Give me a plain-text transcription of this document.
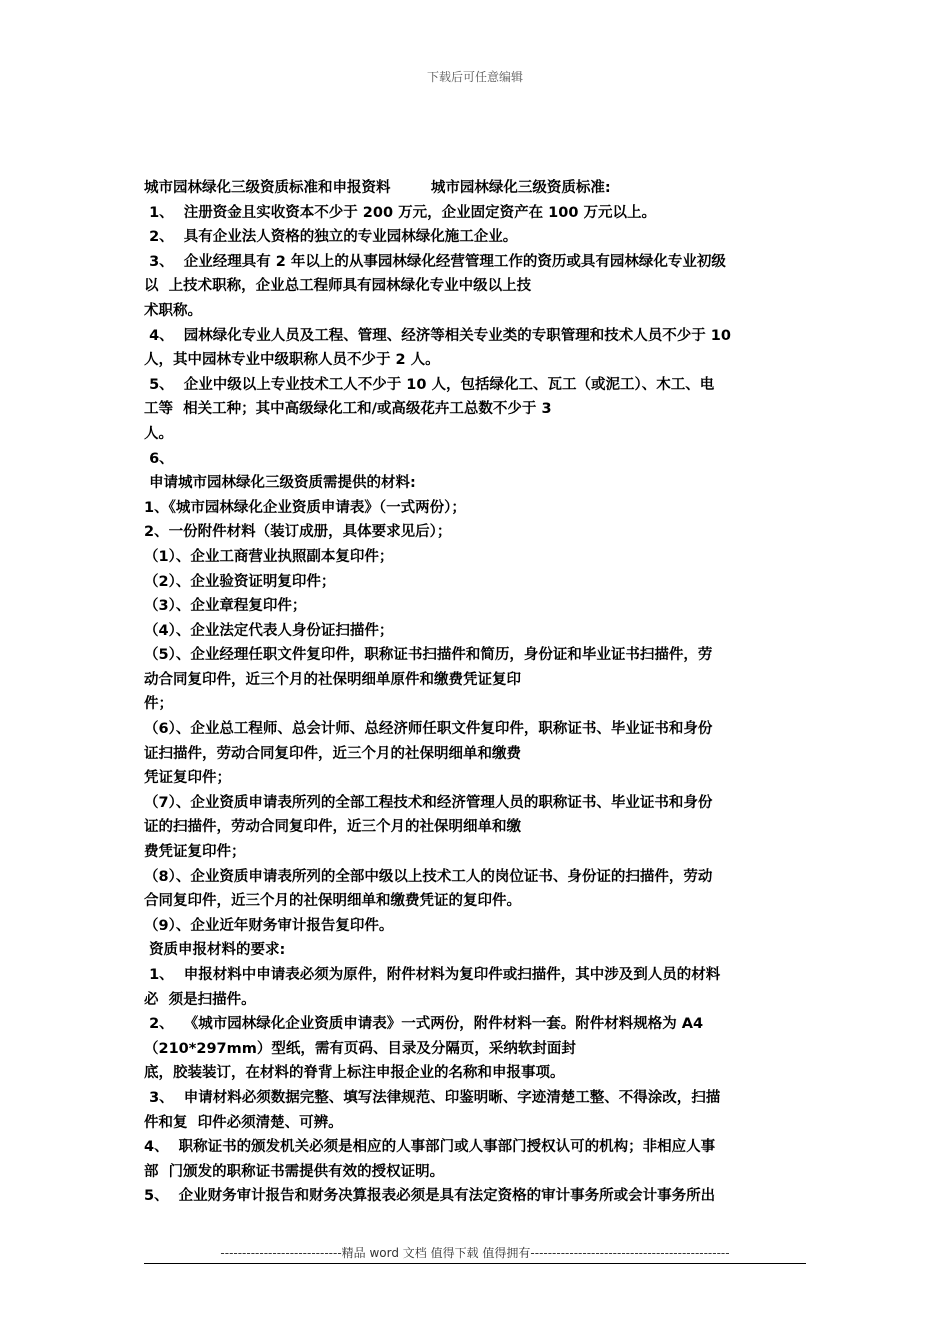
下载后可任意编辑

城市园林绿化三级资质标准和申报资料        城市园林绿化三级资质标准:

1、  注册资金且实收资本不少于 200 万元，企业固定资产在 100 万元以上。

2、  具有企业法人资格的独立的专业园林绿化施工企业。

3、  企业经理具有 2 年以上的从事园林绿化经营管理工作的资历或具有园林绿化专业初级

以  上技术职称，企业总工程师具有园林绿化专业中级以上技

术职称。

4、  园林绿化专业人员及工程、管理、经济等相关专业类的专职管理和技术人员不少于 10

人，其中园林专业中级职称人员不少于 2 人。

5、  企业中级以上专业技术工人不少于 10 人，包括绿化工、瓦工（或泥工）、木工、电

工等  相关工种；其中高级绿化工和/或高级花卉工总数不少于 3

人。

6、

申请城市园林绿化三级资质需提供的材料:

1、《城市园林绿化企业资质申请表》（一式两份）；

2、一份附件材料（装订成册，具体要求见后）；

（1）、企业工商营业执照副本复印件；

（2）、企业验资证明复印件；

（3）、企业章程复印件；

（4）、企业法定代表人身份证扫描件；

（5）、企业经理任职文件复印件，职称证书扫描件和简历，身份证和毕业证书扫描件，劳

动合同复印件，近三个月的社保明细单原件和缴费凭证复印

件；

（6）、企业总工程师、总会计师、总经济师任职文件复印件，职称证书、毕业证书和身份

证扫描件，劳动合同复印件，近三个月的社保明细单和缴费

凭证复印件；

（7）、企业资质申请表所列的全部工程技术和经济管理人员的职称证书、毕业证书和身份

证的扫描件，劳动合同复印件，近三个月的社保明细单和缴

费凭证复印件；

（8）、企业资质申请表所列的全部中级以上技术工人的岗位证书、身份证的扫描件，劳动

合同复印件，近三个月的社保明细单和缴费凭证的复印件。

（9）、企业近年财务审计报告复印件。

资质申报材料的要求:

1、  申报材料中申请表必须为原件，附件材料为复印件或扫描件，其中涉及到人员的材料

必  须是扫描件。

2、  《城市园林绿化企业资质申请表》一式两份，附件材料一套。附件材料规格为 A4

（210*297mm）型纸，需有页码、目录及分隔页，采纳软封面封

底，胶装装订，在材料的脊背上标注申报企业的名称和申报事项。

3、  申请材料必须数据完整、填写法律规范、印鉴明晰、字迹清楚工整、不得涂改，扫描

件和复  印件必须清楚、可辨。

4、  职称证书的颁发机关必须是相应的人事部门或人事部门授权认可的机构；非相应人事

部  门颁发的职称证书需提供有效的授权证明。

5、  企业财务审计报告和财务决算报表必须是具有法定资格的审计事务所或会计事务所出

----------------------------精品 word 文档 值得下载 值得拥有----------------------------------------------
